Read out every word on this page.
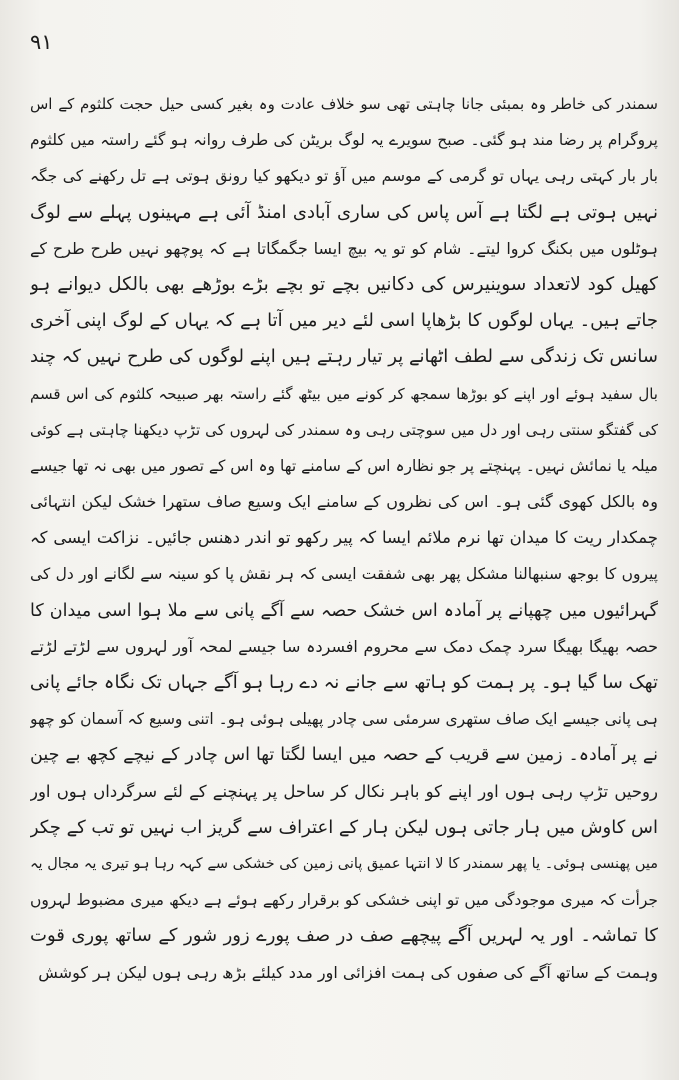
۹۱
سمندر کی خاطر وہ بمبئی جانا چاہتی تھی سو خلاف عادت وہ بغیر کسی حیل حجت کلثوم کے اس
پروگرام پر رضا مند ہو گئی۔ صبح سویرے یہ لوگ بریٹن کی طرف روانہ ہو گئے راستہ میں کلثوم
بار بار کہتی رہی یہاں تو گرمی کے موسم میں آؤ تو دیکھو کیا رونق ہوتی ہے تل رکھنے کی جگہ
نہیں ہوتی ہے لگتا ہے آس پاس کی ساری آبادی امنڈ آئی ہے مہینوں پہلے سے لوگ
ہوٹلوں میں بکنگ کروا لیتے۔ شام کو تو یہ بیچ ایسا جگمگاتا ہے کہ پوچھو نہیں طرح طرح کے
کھیل کود لاتعداد سوینیرس کی دکانیں بچے تو بچے بڑے بوڑھے بھی بالکل دیوانے ہو
جاتے ہیں۔ یہاں لوگوں کا بڑھاپا اسی لئے دیر میں آتا ہے کہ یہاں کے لوگ اپنی آخری
سانس تک زندگی سے لطف اٹھانے پر تیار رہتے ہیں اپنے لوگوں کی طرح نہیں کہ چند
بال سفید ہوئے اور اپنے کو بوڑھا سمجھ کر کونے میں بیٹھ گئے راستہ بھر صبیحہ کلثوم کی اس قسم
کی گفتگو سنتی رہی اور دل میں سوچتی رہی وہ سمندر کی لہروں کی تڑپ دیکھنا چاہتی ہے کوئی
میلہ یا نمائش نہیں۔ پہنچتے پر جو نظارہ اس کے سامنے تھا وہ اس کے تصور میں بھی نہ تھا جیسے
وہ بالکل کھوی گئی ہو۔ اس کی نظروں کے سامنے ایک وسیع صاف ستھرا خشک لیکن انتہائی
چمکدار ریت کا میدان تھا نرم ملائم ایسا کہ پیر رکھو تو اندر دھنس جائیں۔ نزاکت ایسی کہ
پیروں کا بوجھ سنبھالنا مشکل پھر بھی شفقت ایسی کہ ہر نقش پا کو سینہ سے لگانے اور دل کی
گہرائیوں میں چھپانے پر آمادہ اس خشک حصہ سے آگے پانی سے ملا ہوا اسی میدان کا
حصہ بھیگا بھیگا سرد چمک دمک سے محروم افسردہ سا جیسے لمحہ آور لہروں سے لڑتے لڑتے
تھک سا گیا ہو۔ پر ہمت کو ہاتھ سے جانے نہ دے رہا ہو آگے جہاں تک نگاہ جائے پانی
ہی پانی جیسے ایک صاف ستھری سرمئی سی چادر پھیلی ہوئی ہو۔ اتنی وسیع کہ آسمان کو چھو
نے پر آمادہ۔ زمین سے قریب کے حصہ میں ایسا لگتا تھا اس چادر کے نیچے کچھ بے چین
روحیں تڑپ رہی ہوں اور اپنے کو باہر نکال کر ساحل پر پہنچنے کے لئے سرگرداں ہوں اور
اس کاوش میں ہار جاتی ہوں لیکن ہار کے اعتراف سے گریز اب نہیں تو تب کے چکر
میں پھنسی ہوئی۔ یا پھر سمندر کا لا انتہا عمیق پانی زمین کی خشکی سے کہہ رہا ہو تیری یہ مجال یہ
جرأت کہ میری موجودگی میں تو اپنی خشکی کو برقرار رکھے ہوئے ہے دیکھ میری مضبوط لہروں
کا تماشہ۔ اور یہ لہریں آگے پیچھے صف در صف پورے زور شور کے ساتھ پوری قوت
وہمت کے ساتھ آگے کی صفوں کی ہمت افزائی اور مدد کیلئے بڑھ رہی ہوں لیکن ہر کوشش
